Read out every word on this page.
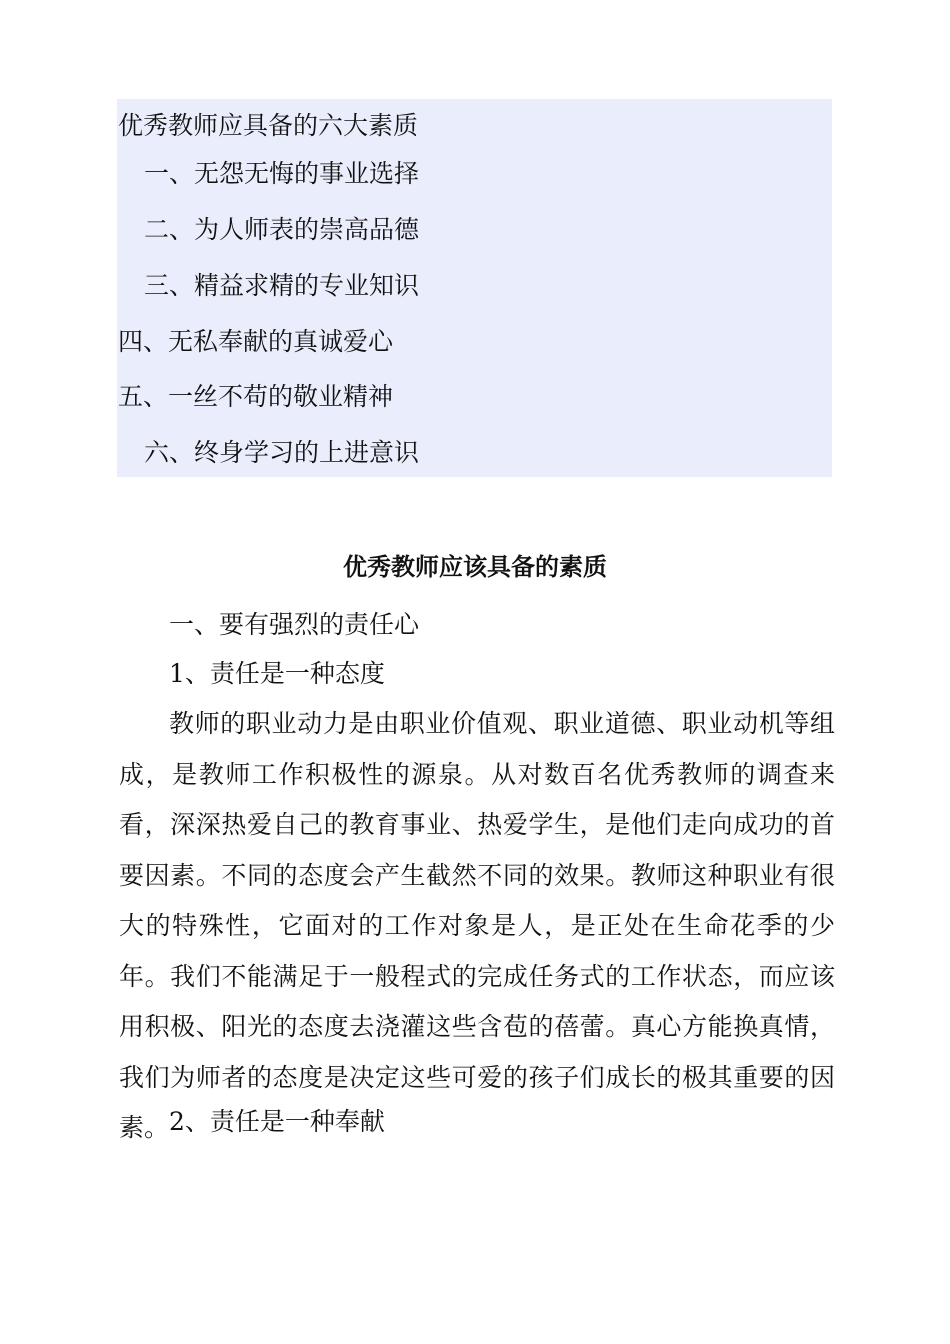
优秀教师应具备的六大素质
一、无怨无悔的事业选择
二、为人师表的崇高品德
三、精益求精的专业知识
四、无私奉献的真诚爱心
五、一丝不苟的敬业精神
六、终身学习的上进意识
优秀教师应该具备的素质
一、要有强烈的责任心
1、责任是一种态度
教师的职业动力是由职业价值观、职业道德、职业动机等组成，是教师工作积极性的源泉。从对数百名优秀教师的调查来看，深深热爱自己的教育事业、热爱学生，是他们走向成功的首要因素。不同的态度会产生截然不同的效果。教师这种职业有很大的特殊性，它面对的工作对象是人，是正处在生命花季的少年。我们不能满足于一般程式的完成任务式的工作状态，而应该用积极、阳光的态度去浇灌这些含苞的蓓蕾。真心方能换真情，我们为师者的态度是决定这些可爱的孩子们成长的极其重要的因素。 2、责任是一种奉献
